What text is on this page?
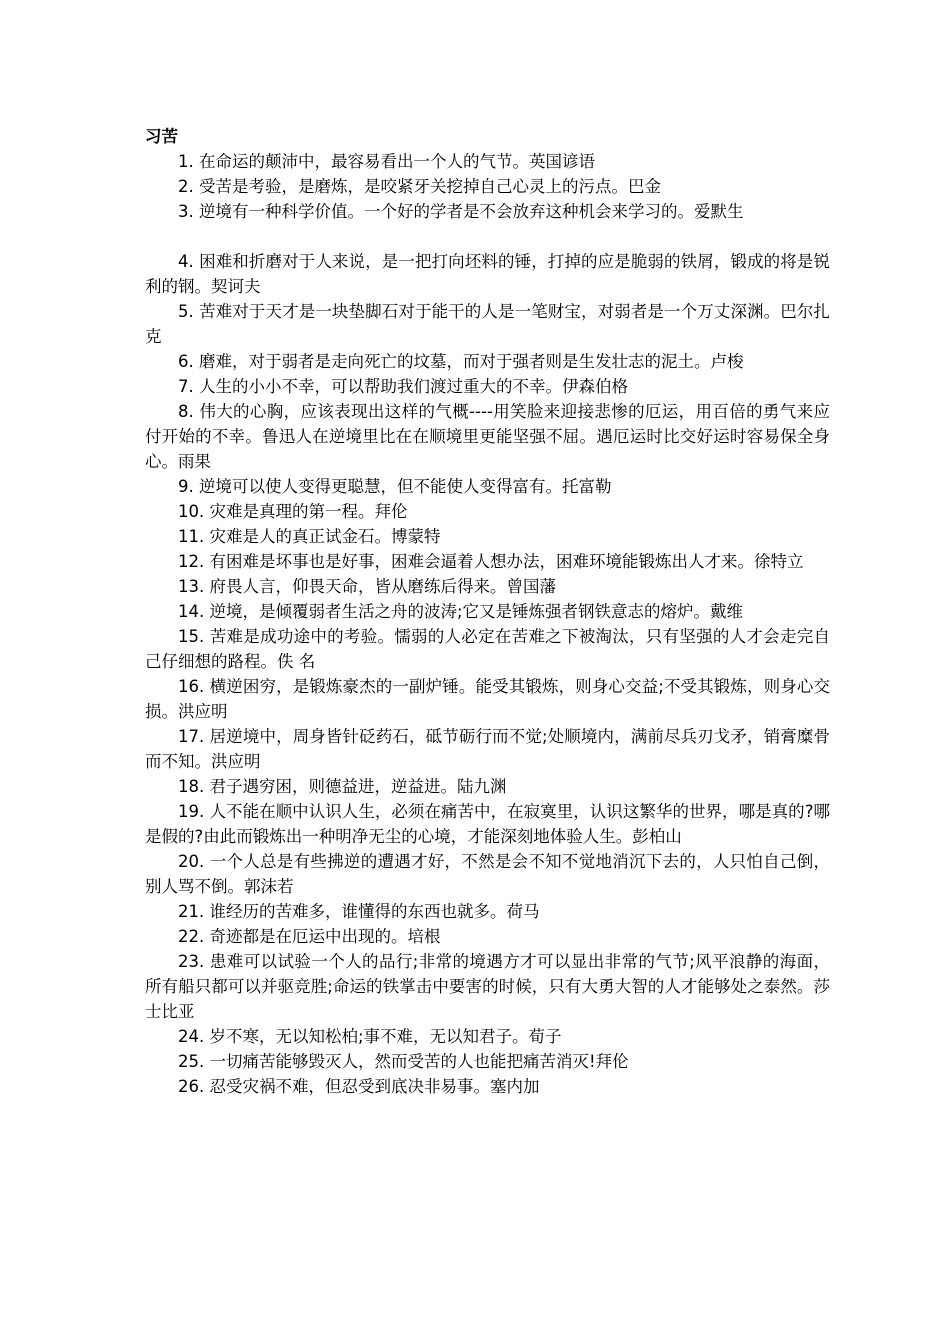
习苦

1. 在命运的颠沛中，最容易看出一个人的气节。英国谚语

2. 受苦是考验，是磨炼，是咬紧牙关挖掉自己心灵上的污点。巴金

3. 逆境有一种科学价值。一个好的学者是不会放弃这种机会来学习的。爱默生

4. 困难和折磨对于人来说，是一把打向坯料的锤，打掉的应是脆弱的铁屑，锻成的将是锐利的钢。契诃夫

5. 苦难对于天才是一块垫脚石对于能干的人是一笔财宝，对弱者是一个万丈深渊。巴尔扎克

6. 磨难，对于弱者是走向死亡的坟墓，而对于强者则是生发壮志的泥土。卢梭

7. 人生的小小不幸，可以帮助我们渡过重大的不幸。伊森伯格

8. 伟大的心胸，应该表现出这样的气概----用笑脸来迎接悲惨的厄运，用百倍的勇气来应付开始的不幸。鲁迅人在逆境里比在在顺境里更能坚强不屈。遇厄运时比交好运时容易保全身心。雨果

9. 逆境可以使人变得更聪慧，但不能使人变得富有。托富勒

10. 灾难是真理的第一程。拜伦

11. 灾难是人的真正试金石。博蒙特

12. 有困难是坏事也是好事，困难会逼着人想办法，困难环境能锻炼出人才来。徐特立

13. 府畏人言，仰畏天命，皆从磨练后得来。曾国藩

14. 逆境，是倾覆弱者生活之舟的波涛;它又是锤炼强者钢铁意志的熔炉。戴维

15. 苦难是成功途中的考验。懦弱的人必定在苦难之下被淘汰，只有坚强的人才会走完自己仔细想的路程。佚 名

16. 横逆困穷，是锻炼豪杰的一副炉锤。能受其锻炼，则身心交益;不受其锻炼，则身心交损。洪应明

17. 居逆境中，周身皆针砭药石，砥节砺行而不觉;处顺境内，满前尽兵刃戈矛，销膏糜骨而不知。洪应明

18. 君子遇穷困，则德益进，逆益进。陆九渊

19. 人不能在顺中认识人生，必须在痛苦中，在寂寞里，认识这繁华的世界，哪是真的?哪是假的?由此而锻炼出一种明净无尘的心境，才能深刻地体验人生。彭柏山

20. 一个人总是有些拂逆的遭遇才好，不然是会不知不觉地消沉下去的，人只怕自己倒，别人骂不倒。郭沫若

21. 谁经历的苦难多，谁懂得的东西也就多。荷马

22. 奇迹都是在厄运中出现的。培根

23. 患难可以试验一个人的品行;非常的境遇方才可以显出非常的气节;风平浪静的海面，所有船只都可以并驱竞胜;命运的铁掌击中要害的时候，只有大勇大智的人才能够处之泰然。莎士比亚

24. 岁不寒，无以知松柏;事不难，无以知君子。荀子

25. 一切痛苦能够毁灭人，然而受苦的人也能把痛苦消灭!拜伦

26. 忍受灾祸不难，但忍受到底决非易事。塞内加
